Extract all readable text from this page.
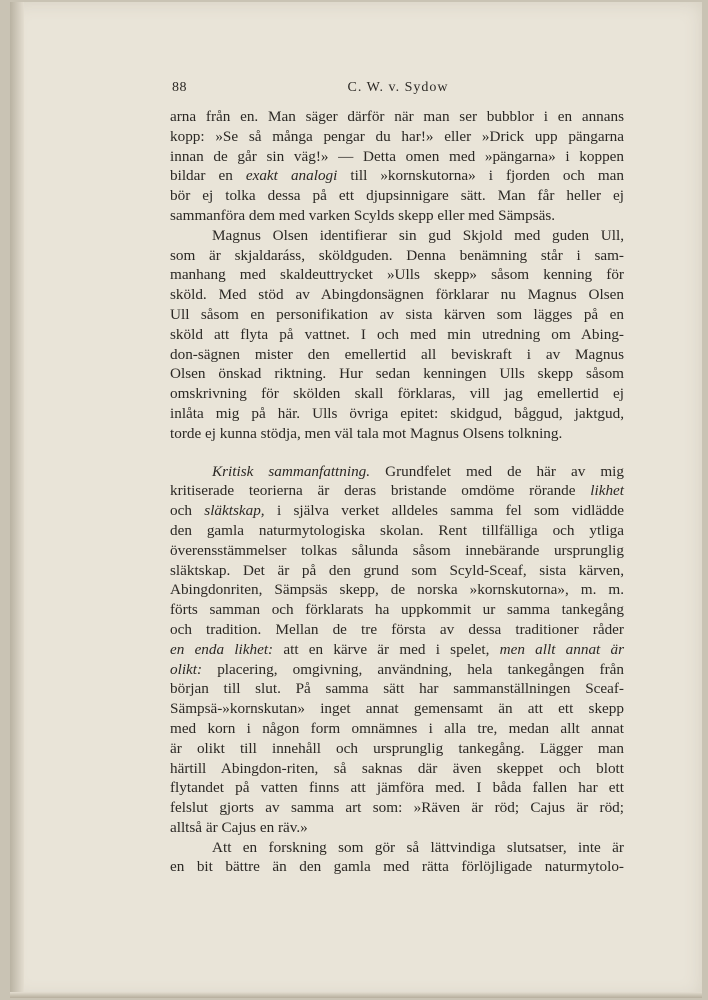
88	C. W. v. Sydow
arna från en. Man säger därför när man ser bubblor i en annans
kopp: »Se så många pengar du har!» eller »Drick upp pängarna
innan de går sin väg!» — Detta omen med »pängarna» i koppen
bildar en exakt analogi till »kornskutorna» i fjorden och man
bör ej tolka dessa på ett djupsinnigare sätt. Man får heller ej
sammanföra dem med varken Scylds skepp eller med Sämpsäs.
Magnus Olsen identifierar sin gud Skjold med guden Ull,
som är skjaldaráss, sköldguden. Denna benämning står i sam-
manhang med skaldeuttrycket »Ulls skepp» såsom kenning för
sköld. Med stöd av Abingdonsägnen förklarar nu Magnus Olsen
Ull såsom en personifikation av sista kärven som lägges på en
sköld att flyta på vattnet. I och med min utredning om Abing-
don-sägnen mister den emellertid all beviskraft i av Magnus
Olsen önskad riktning. Hur sedan kenningen Ulls skepp såsom
omskrivning för skölden skall förklaras, vill jag emellertid ej
inlåta mig på här. Ulls övriga epitet: skidgud, bågɡud, jaktgud,
torde ej kunna stödja, men väl tala mot Magnus Olsens tolkning.
Kritisk sammanfattning. Grundfelet med de här av mig
kritiserade teorierna är deras bristande omdöme rörande likhet
och släktskap, i själva verket alldeles samma fel som vidlädde
den gamla naturmytologiska skolan. Rent tillfälliga och ytliga
överensstämmelser tolkas sålunda såsom innebärande ursprunglig
släktskap. Det är på den grund som Scyld-Sceaf, sista kärven,
Abingdonriten, Sämpsäs skepp, de norska »kornskutorna», m. m.
förts samman och förklarats ha uppkommit ur samma tankegång
och tradition. Mellan de tre första av dessa traditioner råder
en enda likhet: att en kärve är med i spelet, men allt annat är
olikt: placering, omgivning, användning, hela tankegången från
början till slut. På samma sätt har sammanställningen Sceaf-
Sämpsä-»kornskutan» inget annat gemensamt än att ett skepp
med korn i någon form omnämnes i alla tre, medan allt annat
är olikt till innehåll och ursprunglig tankegång. Lägger man
härtill Abingdon-riten, så saknas där även skeppet och blott
flytandet på vatten finns att jämföra med. I båda fallen har ett
felslut gjorts av samma art som: »Räven är röd; Cajus är röd;
alltså är Cajus en räv.»
Att en forskning som gör så lättvindiga slutsatser, inte är
en bit bättre än den gamla med rätta förlöjligade naturmytolo-
